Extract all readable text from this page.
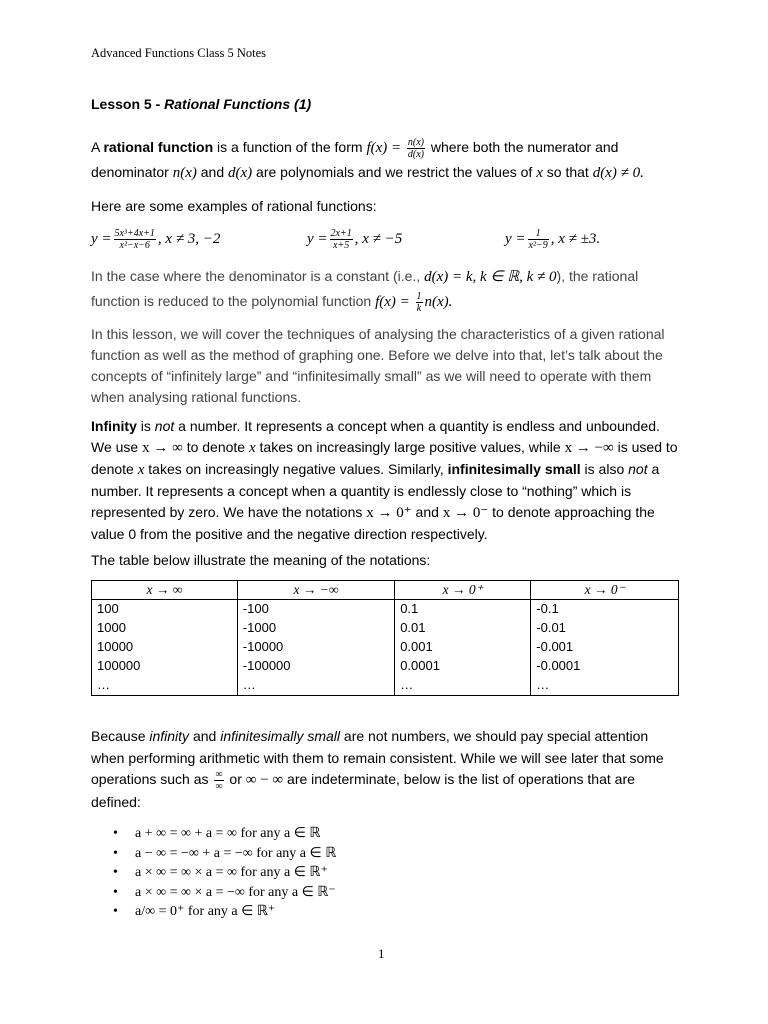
Advanced Functions Class 5 Notes
Lesson 5 - Rational Functions (1)
A rational function is a function of the form $f(x) = \frac{n(x)}{d(x)}$ where both the numerator and
denominator n(x) and d(x) are polynomials and we restrict the values of x so that d(x) ≠ 0.
Here are some examples of rational functions:
$y = \frac{\text{5x³+4x+1}}{\text{x²−x−6}}$ , x ≠ 3, −2	$y = \frac{2x+1}{x+5}$ , x ≠ −5	$y = \frac{1}{\text{x²−9}}$ , x ≠ ±3.
In the case where the denominator is a constant (i.e., d(x) = k, k ∈ ℝ, k ≠ 0), the rational
function is reduced to the polynomial function $f(x) = \frac{1}{k} n(x)$.
In this lesson, we will cover the techniques of analysing the characteristics of a given rational
function as well as the method of graphing one. Before we delve into that, let’s talk about the
concepts of “infinitely large” and “infinitesimally small” as we will need to operate with them
when analysing rational functions.
Infinity is not a number. It represents a concept when a quantity is endless and unbounded.
We use x → ∞ to denote x takes on increasingly large positive values, while x → −∞ is used to
denote x takes on increasingly negative values. Similarly, infinitesimally small is also not a
number. It represents a concept when a quantity is endlessly close to “nothing” which is
represented by zero. We have the notations x → 0⁺ and x → 0⁻ to denote approaching the
value 0 from the positive and the negative direction respectively.
The table below illustrate the meaning of the notations:
x → ∞	x → −∞	x → 0⁺	x → 0⁻
100	-100	0.1	-0.1
1000	-1000	0.01	-0.01
10000	-10000	0.001	-0.001
100000	-100000	0.0001	-0.0001
…	…	…	…
Because infinity and infinitesimally small are not numbers, we should pay special attention
when performing arithmetic with them to remain consistent. While we will see later that some
operations such as $\frac{\infty}{\infty}$ or ∞ − ∞ are indeterminate, below is the list of operations that are
defined:
• a + ∞ = ∞ + a = ∞ for any a ∈ ℝ
• a − ∞ = −∞ + a = −∞ for any a ∈ ℝ
• a × ∞ = ∞ × a = ∞ for any a ∈ ℝ⁺
• a × ∞ = ∞ × a = −∞ for any a ∈ ℝ⁻
• a/∞ = 0⁺ for any a ∈ ℝ⁺
1
